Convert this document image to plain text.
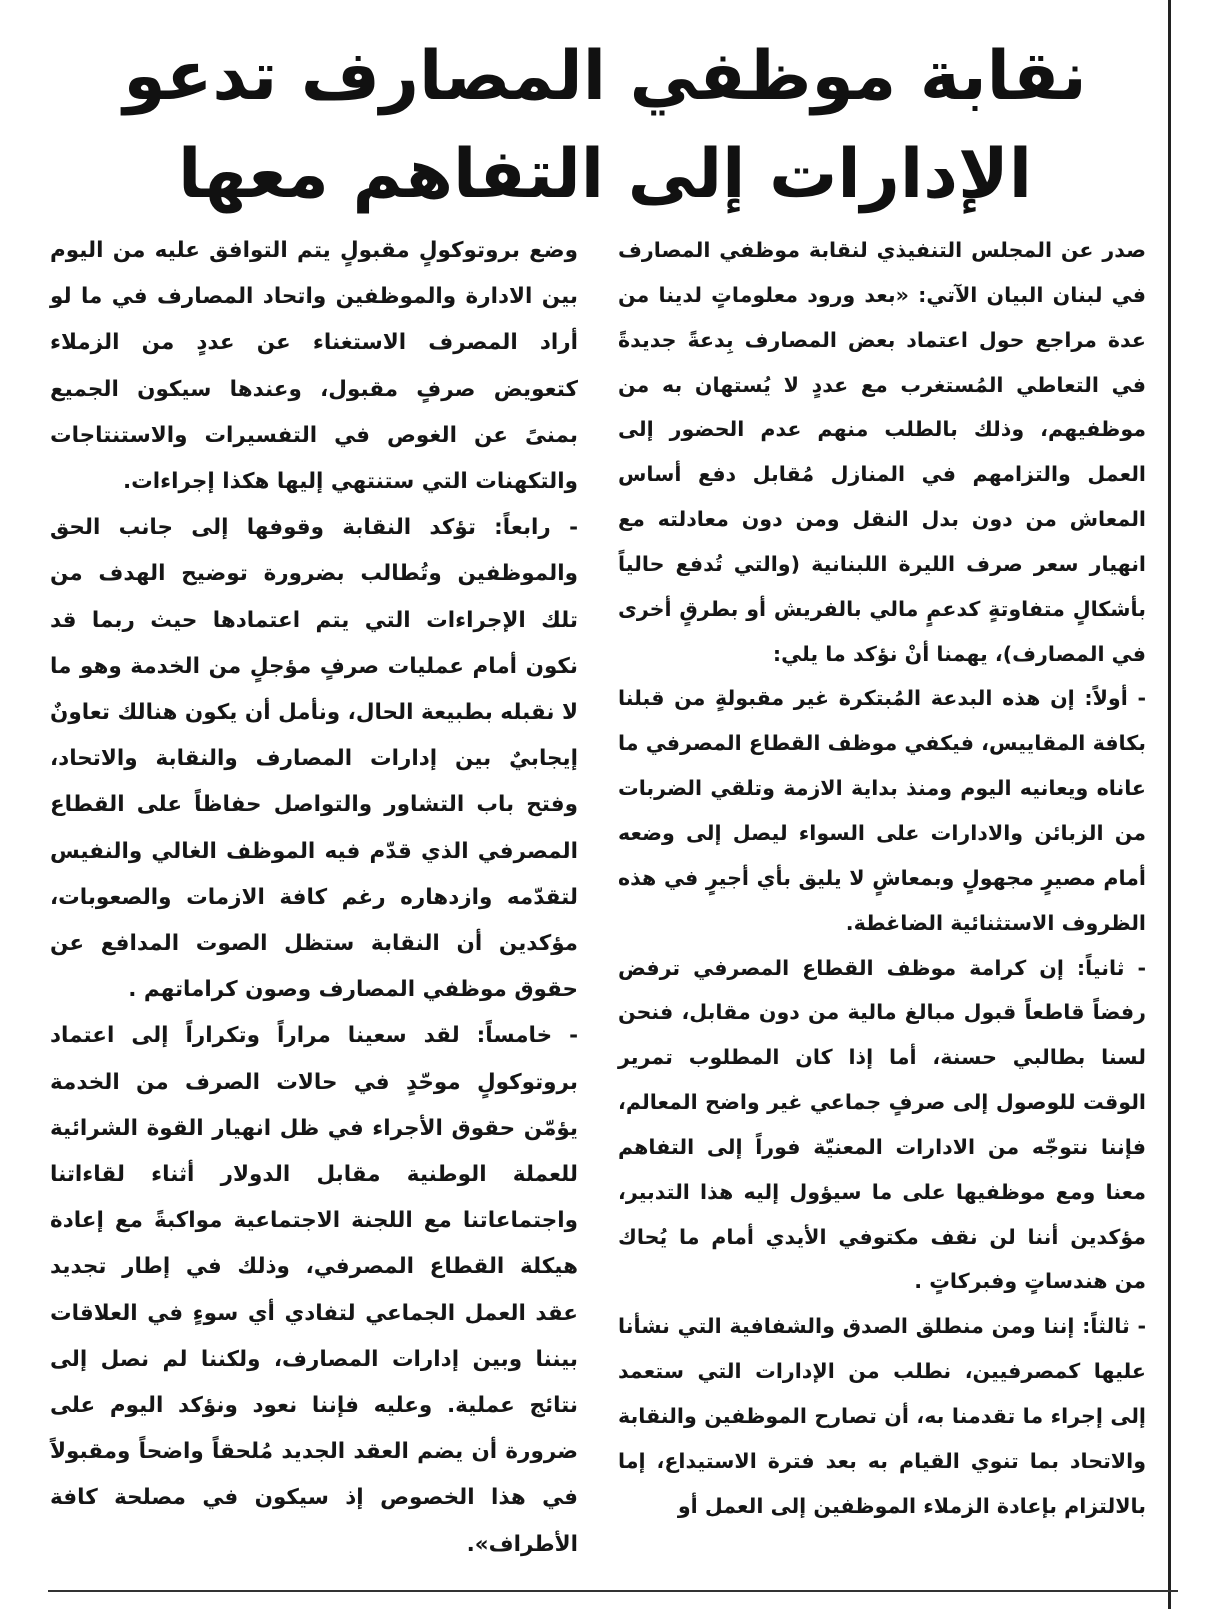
نقابة موظفي المصارف تدعو
الإدارات إلى التفاهم معها

صدر عن المجلس التنفيذي لنقابة موظفي المصارف في لبنان البيان الآتي: «بعد ورود معلوماتٍ لدينا من عدة مراجع حول اعتماد بعض المصارف بِدعةً جديدةً في التعاطي المُستغرب مع عددٍ لا يُستهان به من موظفيهم، وذلك بالطلب منهم عدم الحضور إلى العمل والتزامهم في المنازل مُقابل دفع أساس المعاش من دون بدل النقل ومن دون معادلته مع انهيار سعر صرف الليرة اللبنانية (والتي تُدفع حالياً بأشكالٍ متفاوتةٍ كدعمٍ مالي بالفريش أو بطرقٍ أخرى في المصارف)، يهمنا أنْ نؤكد ما يلي:

- أولاً: إن هذه البدعة المُبتكرة غير مقبولةٍ من قبلنا بكافة المقاييس، فيكفي موظف القطاع المصرفي ما عاناه ويعانيه اليوم ومنذ بداية الازمة وتلقي الضربات من الزبائن والادارات على السواء ليصل إلى وضعه أمام مصيرٍ مجهولٍ وبمعاشٍ لا يليق بأي أجيرٍ في هذه الظروف الاستثنائية الضاغطة.

- ثانياً: إن كرامة موظف القطاع المصرفي ترفض رفضاً قاطعاً قبول مبالغ مالية من دون مقابل، فنحن لسنا بطالبي حسنة، أما إذا كان المطلوب تمرير الوقت للوصول إلى صرفٍ جماعي غير واضح المعالم، فإننا نتوجّه من الادارات المعنيّة فوراً إلى التفاهم معنا ومع موظفيها على ما سيؤول إليه هذا التدبير، مؤكدين أننا لن نقف مكتوفي الأيدي أمام ما يُحاك من هندساتٍ وفبركاتٍ .

- ثالثاً: إننا ومن منطلق الصدق والشفافية التي نشأنا عليها كمصرفيين، نطلب من الإدارات التي ستعمد إلى إجراء ما تقدمنا به، أن تصارح الموظفين والنقابة والاتحاد بما تنوي القيام به بعد فترة الاستيداع، إما بالالتزام بإعادة الزملاء الموظفين إلى العمل أو

وضع بروتوكولٍ مقبولٍ يتم التوافق عليه من اليوم بين الادارة والموظفين واتحاد المصارف في ما لو أراد المصرف الاستغناء عن عددٍ من الزملاء كتعويض صرفٍ مقبول، وعندها سيكون الجميع بمنىً عن الغوص في التفسيرات والاستنتاجات والتكهنات التي ستنتهي إليها هكذا إجراءات.

- رابعاً: تؤكد النقابة وقوفها إلى جانب الحق والموظفين وتُطالب بضرورة توضيح الهدف من تلك الإجراءات التي يتم اعتمادها حيث ربما قد نكون أمام عمليات صرفٍ مؤجلٍ من الخدمة وهو ما لا نقبله بطبيعة الحال، ونأمل أن يكون هنالك تعاونٌ إيجابيٌ بين إدارات المصارف والنقابة والاتحاد، وفتح باب التشاور والتواصل حفاظاً على القطاع المصرفي الذي قدّم فيه الموظف الغالي والنفيس لتقدّمه وازدهاره رغم كافة الازمات والصعوبات، مؤكدين أن النقابة ستظل الصوت المدافع عن حقوق موظفي المصارف وصون كراماتهم .

- خامساً: لقد سعينا مراراً وتكراراً إلى اعتماد بروتوكولٍ موحّدٍ في حالات الصرف من الخدمة يؤمّن حقوق الأجراء في ظل انهيار القوة الشرائية للعملة الوطنية مقابل الدولار أثناء لقاءاتنا واجتماعاتنا مع اللجنة الاجتماعية مواكبةً مع إعادة هيكلة القطاع المصرفي، وذلك في إطار تجديد عقد العمل الجماعي لتفادي أي سوءٍ في العلاقات بيننا وبين إدارات المصارف، ولكننا لم نصل إلى نتائج عملية. وعليه فإننا نعود ونؤكد اليوم على ضرورة أن يضم العقد الجديد مُلحقاً واضحاً ومقبولاً في هذا الخصوص إذ سيكون في مصلحة كافة الأطراف».
